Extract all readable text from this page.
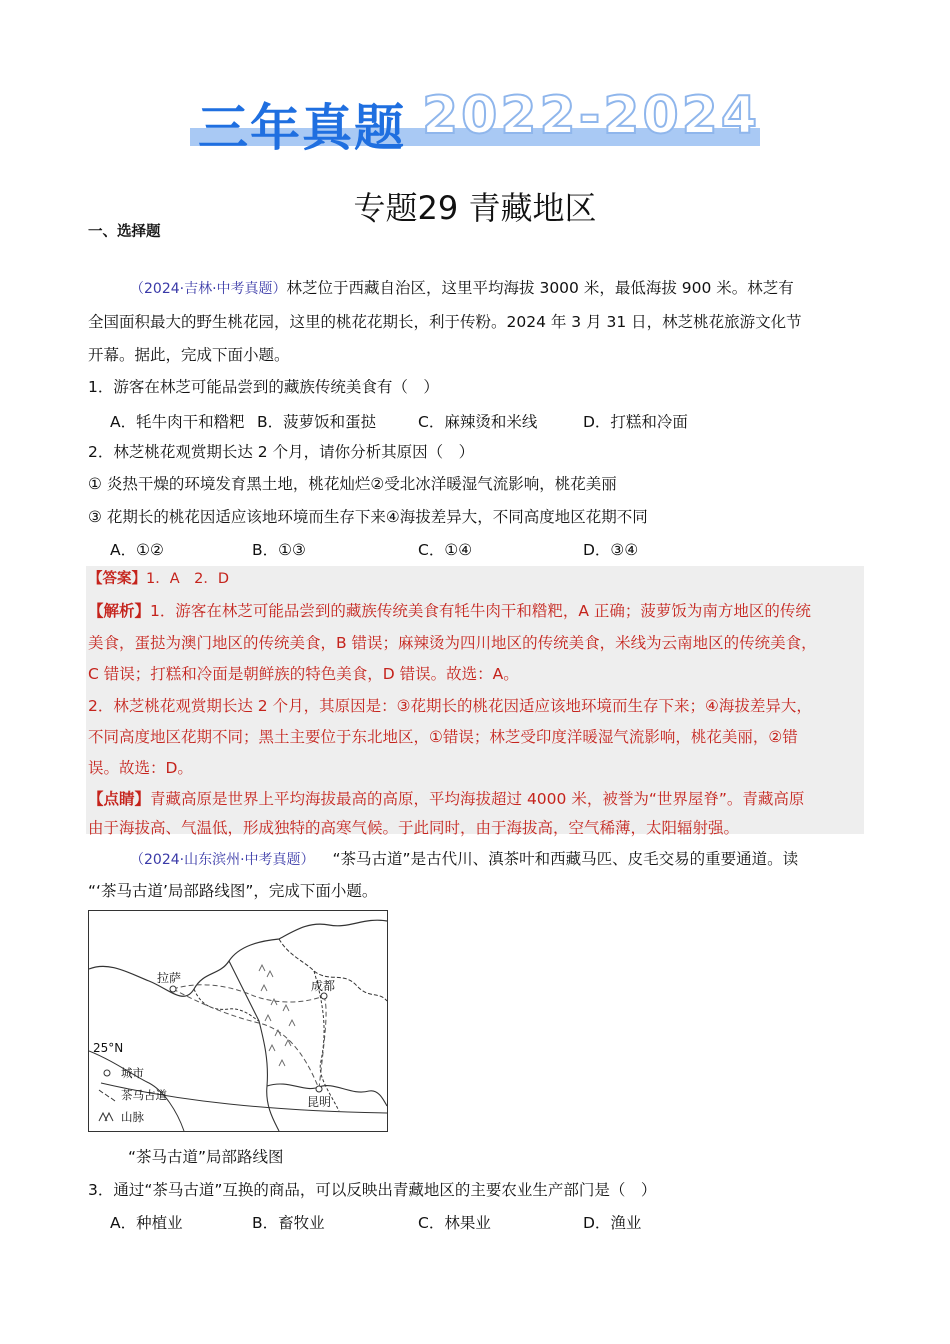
三年真题 2022-2024
专题29 青藏地区
一、选择题
（2024·吉林·中考真题）林芝位于西藏自治区，这里平均海拔 3000 米，最低海拔 900 米。林芝有
全国面积最大的野生桃花园，这里的桃花花期长，利于传粉。2024 年 3 月 31 日，林芝桃花旅游文化节
开幕。据此，完成下面小题。
1．游客在林芝可能品尝到的藏族传统美食有（　）
A．牦牛肉干和糌粑 B．菠萝饭和蛋挞	C．麻辣烫和米线	D．打糕和冷面
2．林芝桃花观赏期长达 2 个月，请你分析其原因（　）
① 炎热干燥的环境发育黑土地，桃花灿烂②受北冰洋暖湿气流影响，桃花美丽
③ 花期长的桃花因适应该地环境而生存下来④海拔差异大，不同高度地区花期不同
A．①②	B．①③	C．①④	D．③④
【答案】1．A　2．D
【解析】1．游客在林芝可能品尝到的藏族传统美食有牦牛肉干和糌粑，A 正确；菠萝饭为南方地区的传统
美食，蛋挞为澳门地区的传统美食，B 错误；麻辣烫为四川地区的传统美食，米线为云南地区的传统美食，
C 错误；打糕和冷面是朝鲜族的特色美食，D 错误。故选：A。
2．林芝桃花观赏期长达 2 个月，其原因是：③花期长的桃花因适应该地环境而生存下来；④海拔差异大，
不同高度地区花期不同；黑土主要位于东北地区，①错误；林芝受印度洋暖湿气流影响，桃花美丽，②错
误。故选：D。
【点睛】青藏高原是世界上平均海拔最高的高原，平均海拔超过 4000 米，被誉为“世界屋脊”。青藏高原
由于海拔高、气温低，形成独特的高寒气候。于此同时，由于海拔高，空气稀薄，太阳辐射强。
（2024·山东滨州·中考真题） “茶马古道”是古代川、滇茶叶和西藏马匹、皮毛交易的重要通道。读
“‘茶马古道’局部路线图”，完成下面小题。
拉萨
成都
昆明
25°N
城市
茶马古道
山脉
“茶马古道”局部路线图
3．通过“茶马古道”互换的商品，可以反映出青藏地区的主要农业生产部门是（　）
A．种植业	B．畜牧业	C．林果业	D．渔业
